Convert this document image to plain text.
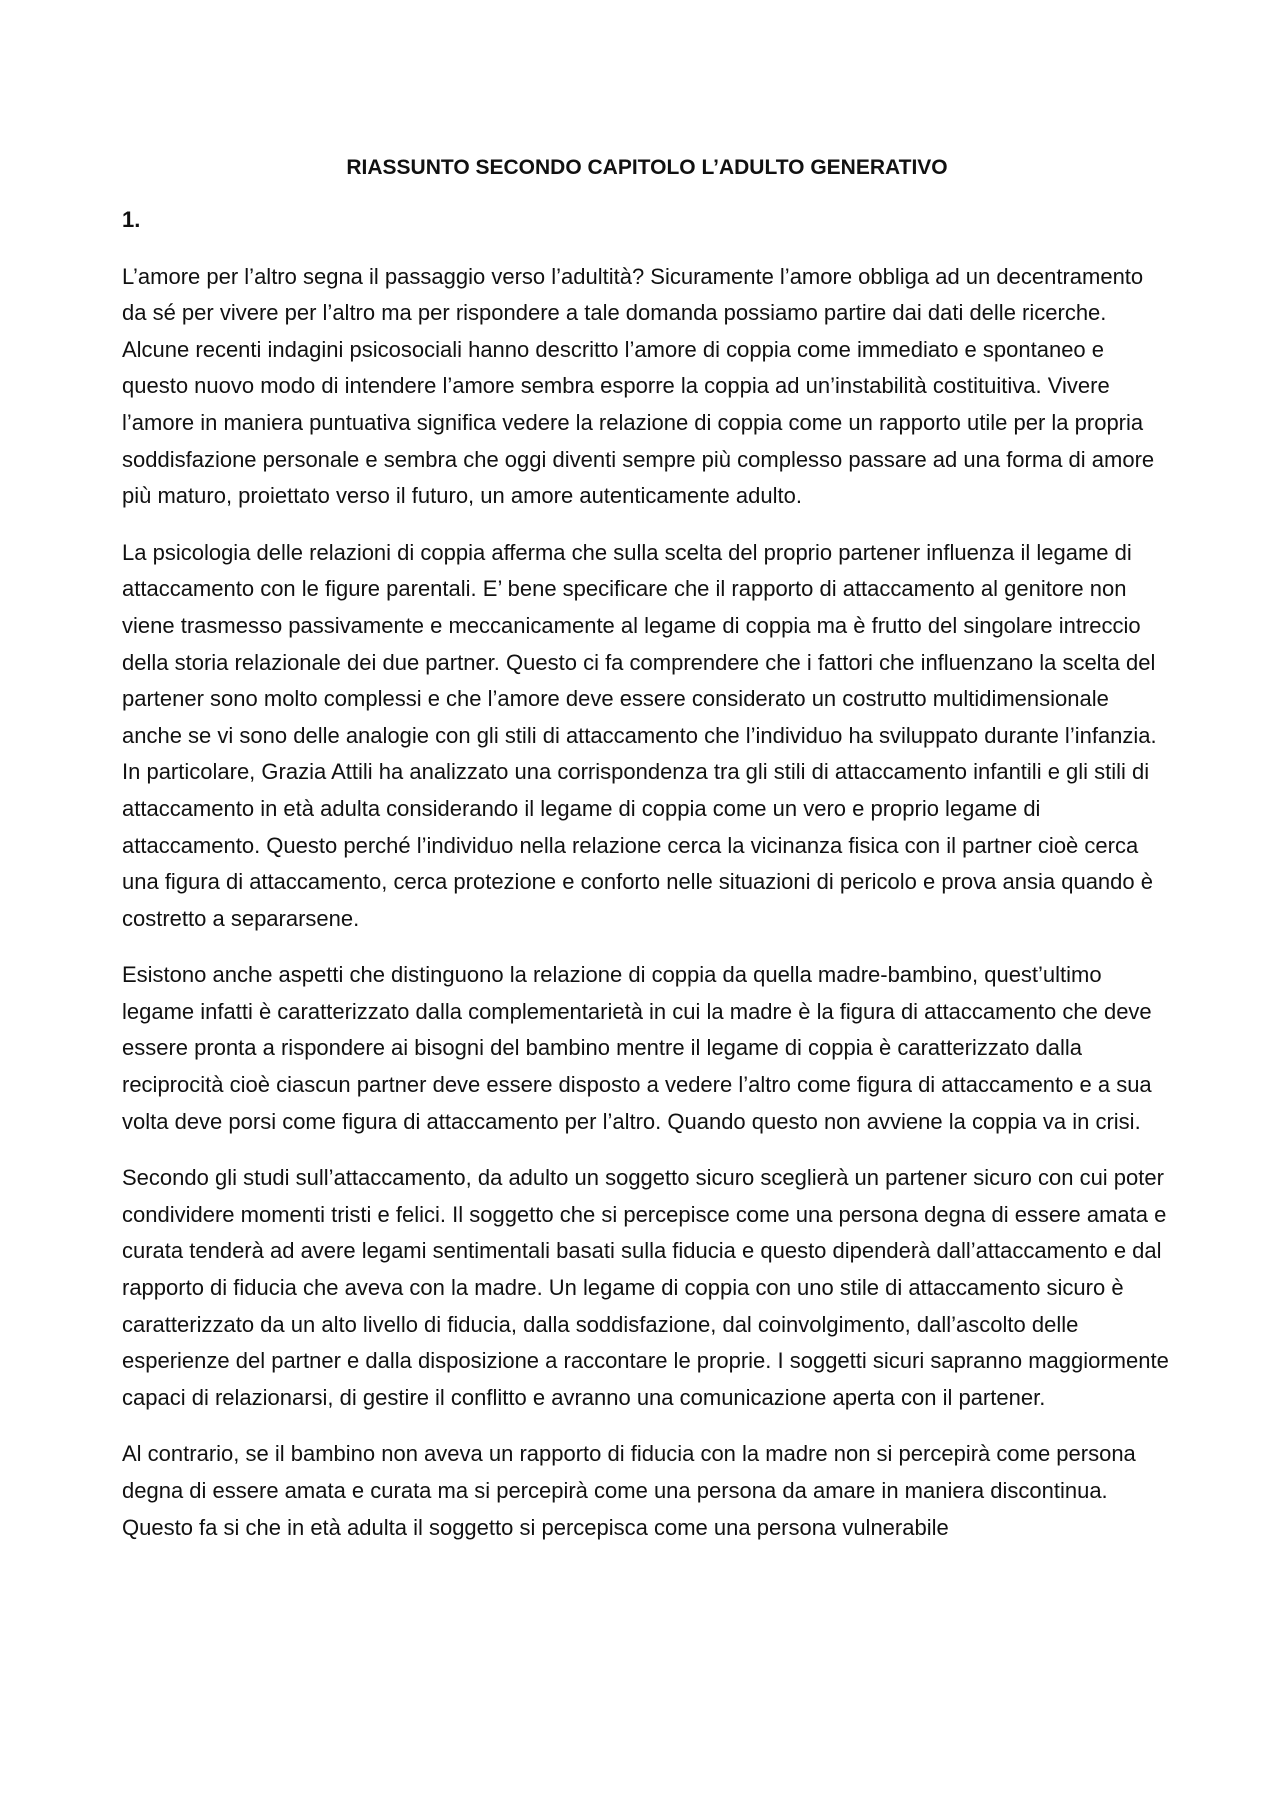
RIASSUNTO SECONDO CAPITOLO L’ADULTO GENERATIVO
1.

L’amore per l’altro segna il passaggio verso l’adultità? Sicuramente l’amore obbliga ad un decentramento da sé per vivere per l’altro ma per rispondere a tale domanda possiamo partire dai dati delle ricerche. Alcune recenti indagini psicosociali hanno descritto l’amore di coppia come immediato e spontaneo e questo nuovo modo di intendere l’amore sembra esporre la coppia ad un’instabilità costituitiva. Vivere l’amore in maniera puntuativa significa vedere la relazione di coppia come un rapporto utile per la propria soddisfazione personale e sembra che oggi diventi sempre più complesso passare ad una forma di amore più maturo, proiettato verso il futuro, un amore autenticamente adulto.

La psicologia delle relazioni di coppia afferma che sulla scelta del proprio partener influenza il legame di attaccamento con le figure parentali. E’ bene specificare che il rapporto di attaccamento al genitore non viene trasmesso passivamente e meccanicamente al legame di coppia ma è frutto del singolare intreccio della storia relazionale dei due partner. Questo ci fa comprendere che i fattori che influenzano la scelta del partener sono molto complessi e che l’amore deve essere considerato un costrutto multidimensionale anche se vi sono delle analogie con gli stili di attaccamento che l’individuo ha sviluppato durante l’infanzia. In particolare, Grazia Attili ha analizzato una corrispondenza tra gli stili di attaccamento infantili e gli stili di attaccamento in età adulta considerando il legame di coppia come un vero e proprio legame di attaccamento. Questo perché l’individuo nella relazione cerca la vicinanza fisica con il partner cioè cerca una figura di attaccamento, cerca protezione e conforto nelle situazioni di pericolo e prova ansia quando è costretto a separarsene.

Esistono anche aspetti che distinguono la relazione di coppia da quella madre-bambino, quest’ultimo legame infatti è caratterizzato dalla complementarietà in cui la madre è la figura di attaccamento che deve essere pronta a rispondere ai bisogni del bambino mentre il legame di coppia è caratterizzato dalla reciprocità cioè ciascun partner deve essere disposto a vedere l’altro come figura di attaccamento e a sua volta deve porsi come figura di attaccamento per l’altro. Quando questo non avviene la coppia va in crisi.

Secondo gli studi sull’attaccamento, da adulto un soggetto sicuro sceglierà un partener sicuro con cui poter condividere momenti tristi e felici. Il soggetto che si percepisce come una persona degna di essere amata e curata tenderà ad avere legami sentimentali basati sulla fiducia e questo dipenderà dall’attaccamento e dal rapporto di fiducia che aveva con la madre. Un legame di coppia con uno stile di attaccamento sicuro è caratterizzato da un alto livello di fiducia, dalla soddisfazione, dal coinvolgimento, dall’ascolto delle esperienze del partner e dalla disposizione a raccontare le proprie. I soggetti sicuri sapranno maggiormente capaci di relazionarsi, di gestire il conflitto e avranno una comunicazione aperta con il partener.

Al contrario, se il bambino non aveva un rapporto di fiducia con la madre non si percepirà come persona degna di essere amata e curata ma si percepirà come una persona da amare in maniera discontinua. Questo fa si che in età adulta il soggetto si percepisca come una persona vulnerabile
